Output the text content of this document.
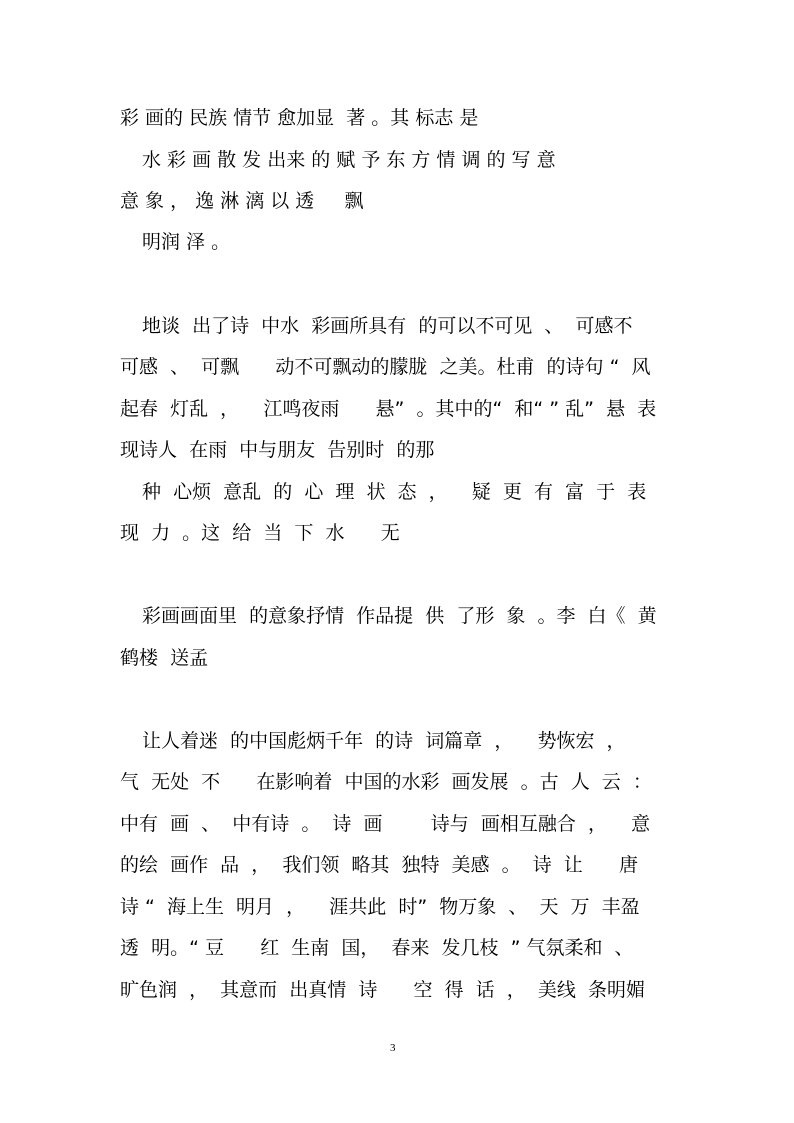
彩 画的 民族 情节 愈加显  著 。其 标志 是
水 彩 画 散 发 出来 的 赋 予 东 方 情 调 的 写 意
意 象 ， 逸 淋 漓 以 透     飘
明润 泽 。
地谈  出了诗  中水  彩画所具有  的可以不可见  、  可感不
可感  、  可飘      动不可飘动的朦胧  之美。杜甫  的诗句 “  风
起春  灯乱  ，    江鸣夜雨      悬”  。其中的“  和“ ” 乱”  悬  表
现诗人  在雨  中与朋友  告别时  的那
种  心烦  意乱  的  心  理  状  态  ，    疑  更  有  富  于  表
现  力  。这  给  当  下  水      无
彩画画面里  的意象抒情  作品提  供  了形  象  。李  白《  黄
鹤楼  送孟
让人着迷  的中国彪炳千年  的诗  词篇章  ，    势恢宏  ，
气  无处  不      在影响着  中国的水彩  画发展  。古  人  云  ：
中有  画  、  中有诗  。  诗  画        诗与  画相互融合  ，    意
的绘  画作  品  ，  我们领  略其  独特  美感  。  诗  让      唐
诗 “  海上生  明月  ，    涯共此  时”  物万象  、  天  万  丰盈
透  明。“ 豆      红  生南  国，  春来  发几枝  ” 气氛柔和  、
旷色润  ，  其意而  出真情  诗      空  得  话  ，  美线  条明媚
3
